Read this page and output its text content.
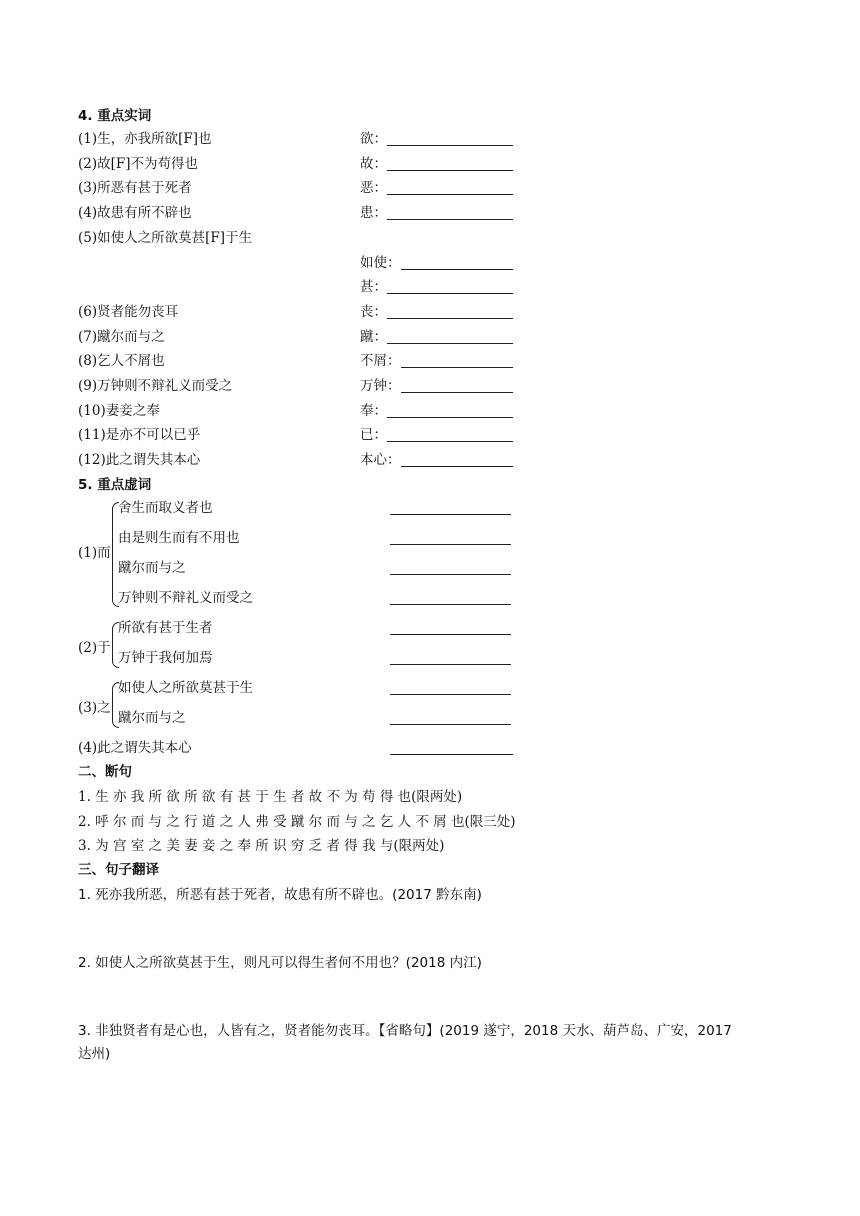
4. 重点实词
(1)生，亦我所欲[F]也	欲：
(2)故[F]不为苟得也	故：
(3)所恶有甚于死者	恶：
(4)故患有所不辟也	患：
(5)如使人之所欲莫甚[F]于生
如使：
甚：
(6)贤者能勿丧耳	丧：
(7)蹴尔而与之	蹴：
(8)乞人不屑也	不屑：
(9)万钟则不辩礼义而受之	万钟：
(10)妻妾之奉	奉：
(11)是亦不可以已乎	已：
(12)此之谓失其本心	本心：
5. 重点虚词
(1)而
舍生而取义者也
由是则生而有不用也
蹴尔而与之
万钟则不辩礼义而受之
(2)于
所欲有甚于生者
万钟于我何加焉
(3)之
如使人之所欲莫甚于生
蹴尔而与之
(4)此之谓失其本心
二、断句
1. 生 亦 我 所 欲 所 欲 有 甚 于 生 者 故 不 为 苟 得 也(限两处)
2. 呼 尔 而 与 之 行 道 之 人 弗 受 蹴 尔 而 与 之 乞 人 不 屑 也(限三处)
3. 为 宫 室 之 美 妻 妾 之 奉 所 识 穷 乏 者 得 我 与(限两处)
三、句子翻译
1. 死亦我所恶，所恶有甚于死者，故患有所不辟也。(2017 黔东南)
2. 如使人之所欲莫甚于生，则凡可以得生者何不用也？(2018 内江)
3. 非独贤者有是心也，人皆有之，贤者能勿丧耳。【省略句】(2019 遂宁，2018 天水、葫芦岛、广安，2017
达州)
